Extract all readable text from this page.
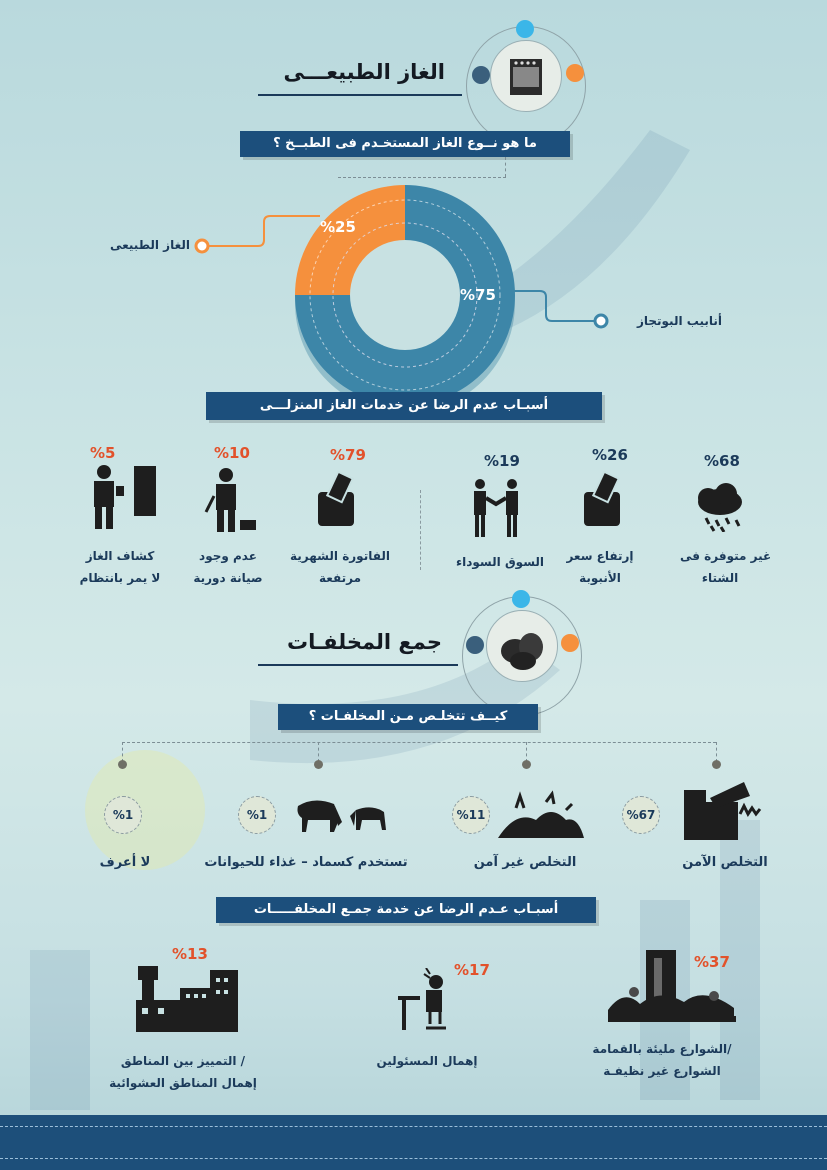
الغاز الطبيعـــى
ما هو نــوع الغاز المستخـدم فى الطبــخ ؟
%25
%75
الغاز الطبيعى
أنابيب البوتجاز
أسبـاب عدم الرضا عن خدمات الغاز المنزلـــى
%68
غير متوفرة فى
الشتاء
%26
إرتفاع سعر
الأنبوبة
%19
السوق السوداء
%79
الفاتورة الشهرية
مرتفعة
%10
عدم وجود
صيانة دورية
%5
كشاف الغاز
لا يمر بانتظام
جمع المخلفـات
كيــف تتخلـص مـن المخلفـات ؟
%67
التخلص الآمن
%11
التخلص غير آمن
%1
تستخدم كسماد – غذاء للحيوانات
%1
لا أعرف
أسبـاب عـدم الرضا عن خدمة جمـع المخلفـــــات
%37
الشوارع مليئة بالقمامة/
الشوارع غير نظيفـة
%17
إهمال المسئولين
%13
التمييز بين المناطق /
إهمال المناطق العشوائية
